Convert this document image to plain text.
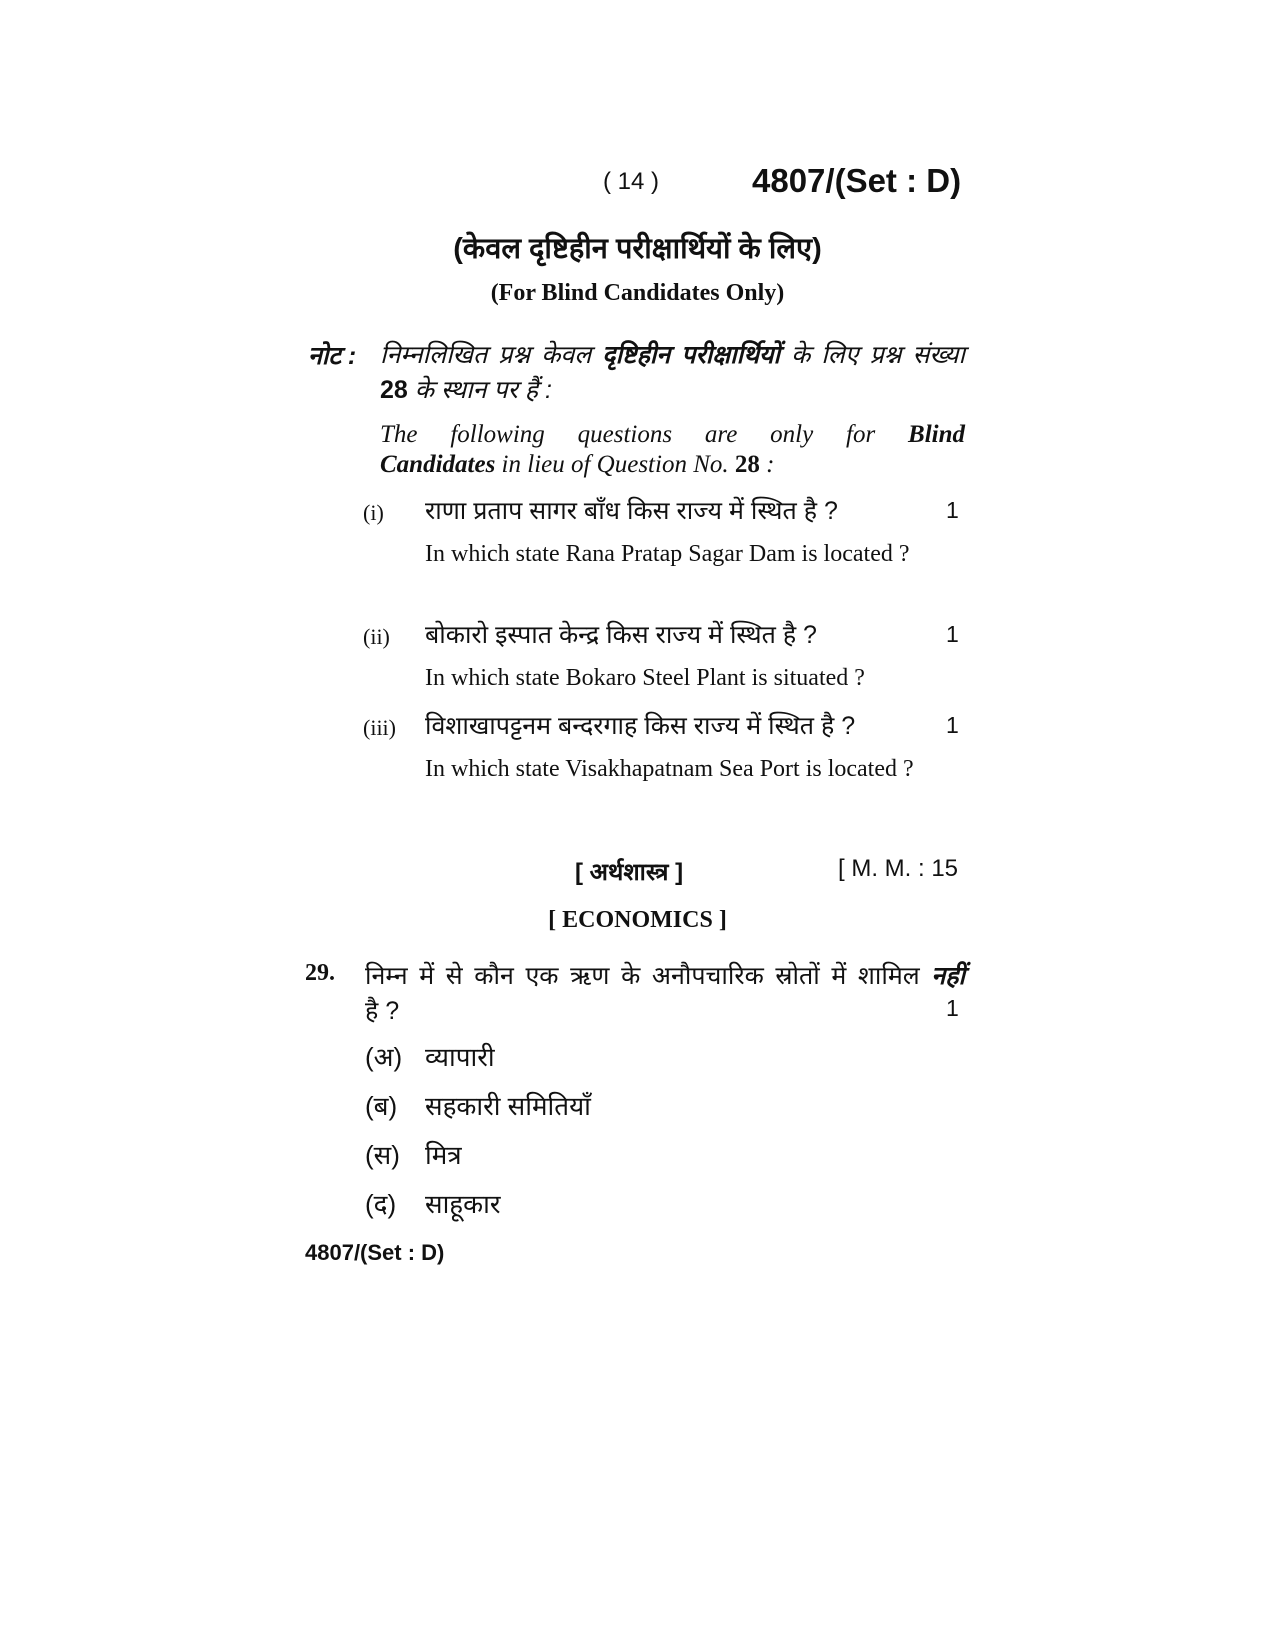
( 14 )	4807/(Set : D)
(केवल दृष्टिहीन परीक्षार्थियों के लिए)
(For Blind Candidates Only)
नोट : निम्नलिखित प्रश्न केवल दृष्टिहीन परीक्षार्थियों के लिए प्रश्न संख्या
28 के स्थान पर हैं :
The following questions are only for Blind
Candidates in lieu of Question No. 28 :
(i) राणा प्रताप सागर बाँध किस राज्य में स्थित है ?	1
In which state Rana Pratap Sagar Dam is located ?
(ii) बोकारो इस्पात केन्द्र किस राज्य में स्थित है ?	1
In which state Bokaro Steel Plant is situated ?
(iii) विशाखापट्टनम बन्दरगाह किस राज्य में स्थित है ?	1
In which state Visakhapatnam Sea Port is located ?
[ अर्थशास्त्र ]	[ M. M. : 15
[ ECONOMICS ]
29. निम्न में से कौन एक ऋण के अनौपचारिक स्रोतों में शामिल नहीं
है ?	1
(अ) व्यापारी
(ब) सहकारी समितियाँ
(स) मित्र
(द) साहूकार
4807/(Set : D)
